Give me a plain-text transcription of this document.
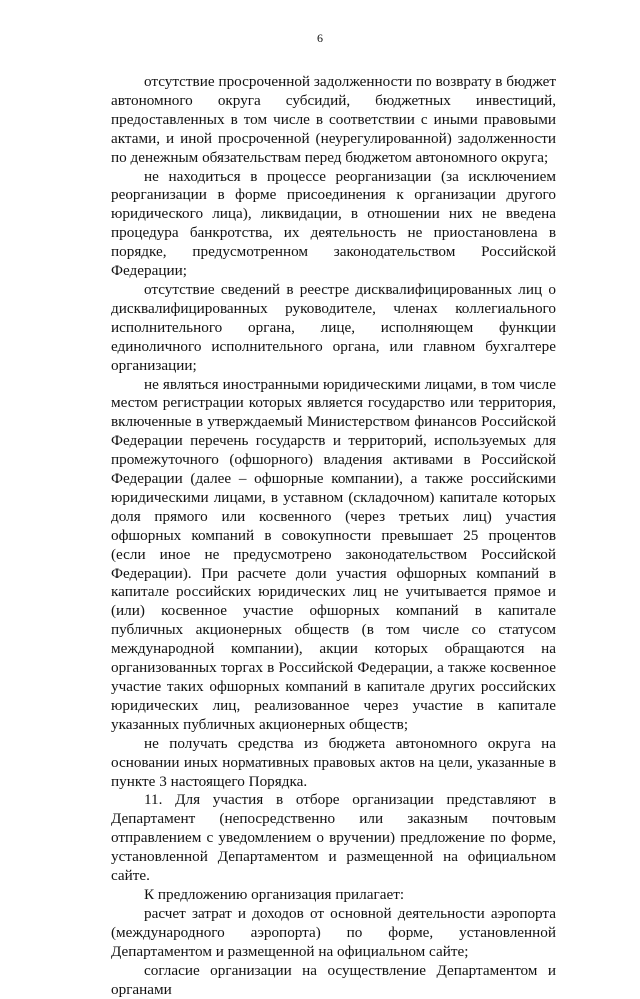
6

отсутствие просроченной задолженности по возврату в бюджет автономного округа субсидий, бюджетных инвестиций, предоставленных в том числе в соответствии с иными правовыми актами, и иной просроченной (неурегулированной) задолженности по денежным обязательствам перед бюджетом автономного округа;

не находиться в процессе реорганизации (за исключением реорганизации в форме присоединения к организации другого юридического лица), ликвидации, в отношении них не введена процедура банкротства, их деятельность не приостановлена в порядке, предусмотренном законодательством Российской Федерации;

отсутствие сведений в реестре дисквалифицированных лиц о дисквалифицированных руководителе, членах коллегиального исполнительного органа, лице, исполняющем функции единоличного исполнительного органа, или главном бухгалтере организации;

не являться иностранными юридическими лицами, в том числе местом регистрации которых является государство или территория, включенные в утверждаемый Министерством финансов Российской Федерации перечень государств и территорий, используемых для промежуточного (офшорного) владения активами в Российской Федерации (далее – офшорные компании), а также российскими юридическими лицами, в уставном (складочном) капитале которых доля прямого или косвенного (через третьих лиц) участия офшорных компаний в совокупности превышает 25 процентов (если иное не предусмотрено законодательством Российской Федерации). При расчете доли участия офшорных компаний в капитале российских юридических лиц не учитывается прямое и (или) косвенное участие офшорных компаний в капитале публичных акционерных обществ (в том числе со статусом международной компании), акции которых обращаются на организованных торгах в Российской Федерации, а также косвенное участие таких офшорных компаний в капитале других российских юридических лиц, реализованное через участие в капитале указанных публичных акционерных обществ;

не получать средства из бюджета автономного округа на основании иных нормативных правовых актов на цели, указанные в пункте 3 настоящего Порядка.

11. Для участия в отборе организации представляют в Департамент (непосредственно или заказным почтовым отправлением с уведомлением о вручении) предложение по форме, установленной Департаментом и размещенной на официальном сайте.

К предложению организация прилагает:

расчет затрат и доходов от основной деятельности аэропорта (международного аэропорта) по форме, установленной Департаментом и размещенной на официальном сайте;

согласие организации на осуществление Департаментом и органами
